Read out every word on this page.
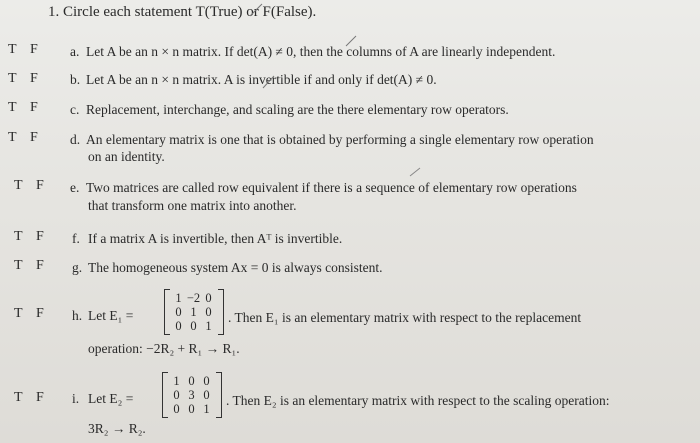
1. Circle each statement T(True) or F(False).
T F	a. Let A be an n × n matrix. If det(A) ≠ 0, then the columns of A are linearly independent.
T F	b. Let A be an n × n matrix. A is invertible if and only if det(A) ≠ 0.
T F	c. Replacement, interchange, and scaling are the there elementary row operators.
T F	d. An elementary matrix is one that is obtained by performing a single elementary row operation
on an identity.
T F	e. Two matrices are called row equivalent if there is a sequence of elementary row operations
that transform one matrix into another.
T F	f. If a matrix A is invertible, then Aᵀ is invertible.
T F	g. The homogeneous system Ax = 0 is always consistent.
T F	h. Let E₁ =
1 −2 0
0 1 0
0 0 1
. Then E₁ is an elementary matrix with respect to the replacement
operation: −2R₂ + R₁ → R₁.
T F	i. Let E₂ =
1 0 0
0 3 0
0 0 1
. Then E₂ is an elementary matrix with respect to the scaling operation:
3R₂ → R₂.
